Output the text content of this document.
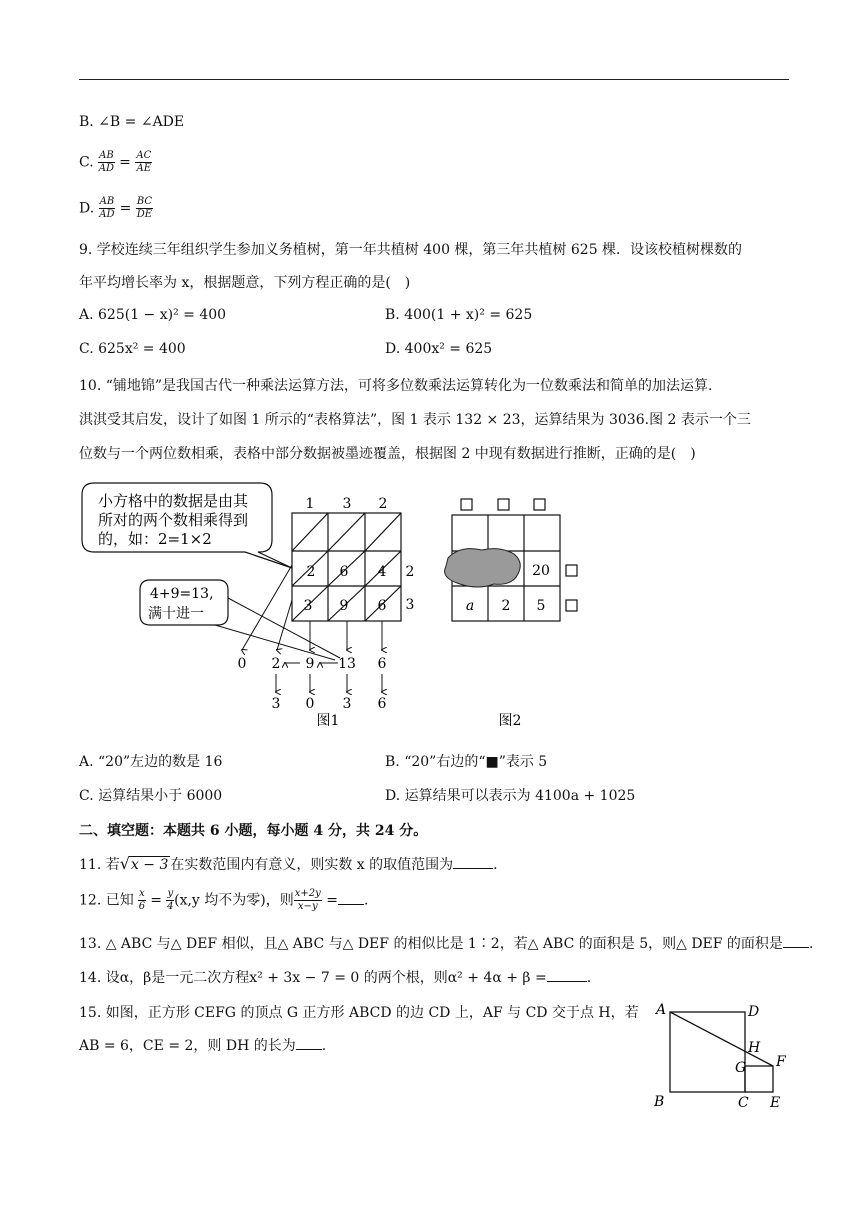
B. ∠B = ∠ADE
C. $\frac{AB}{AD} = \frac{AC}{AE}$
D. $\frac{AB}{AD} = \frac{BC}{DE}$
9. 学校连续三年组织学生参加义务植树，第一年共植树 400 棵，第三年共植树 625 棵．设该校植树棵数的
年平均增长率为 x，根据题意，下列方程正确的是(　)
A. 625(1 − x)² = 400	B. 400(1 + x)² = 625
C. 625x² = 400	D. 400x² = 625
10. “铺地锦”是我国古代一种乘法运算方法，可将多位数乘法运算转化为一位数乘法和简单的加法运算.
淇淇受其启发，设计了如图 1 所示的“表格算法”，图 1 表示 132 × 23，运算结果为 3036.图 2 表示一个三
位数与一个两位数相乘，表格中部分数据被墨迹覆盖，根据图 2 中现有数据进行推断，正确的是(　)
小方格中的数据是由其
所对的两个数相乘得到
的，如：2=1×2
1 3 2
2
3
2 6 4
3 9 6
4+9=13,
满十进一
0 2 9 13 6
3 0 3 6
图1
20
a 2 5
图2
A. “20”左边的数是 16	B. “20”右边的“■”表示 5
C. 运算结果小于 6000	D. 运算结果可以表示为 4100a + 1025
二、填空题：本题共 6 小题，每小题 4 分，共 24 分。
11. 若√x − 3 在实数范围内有意义，则实数 x 的取值范围为	.
12. 已知 $\frac{x}{6} = \frac{y}{4} (x,y$ 均不为零)，则 $\frac{x+2y}{x-y}$ = .
13. △ ABC 与△ DEF 相似，且△ ABC 与△ DEF 的相似比是 1∶2，若△ ABC 的面积是 5，则△ DEF 的面积是 .
14. 设α，β是一元二次方程x² + 3x − 7 = 0 的两个根，则α² + 4α + β =	.
15. 如图，正方形 CEFG 的顶点 G 正方形 ABCD 的边 CD 上，AF 与 CD 交于点 H，若
AB = 6，CE = 2，则 DH 的长为 .
A	D
H
F
G
B	C E
